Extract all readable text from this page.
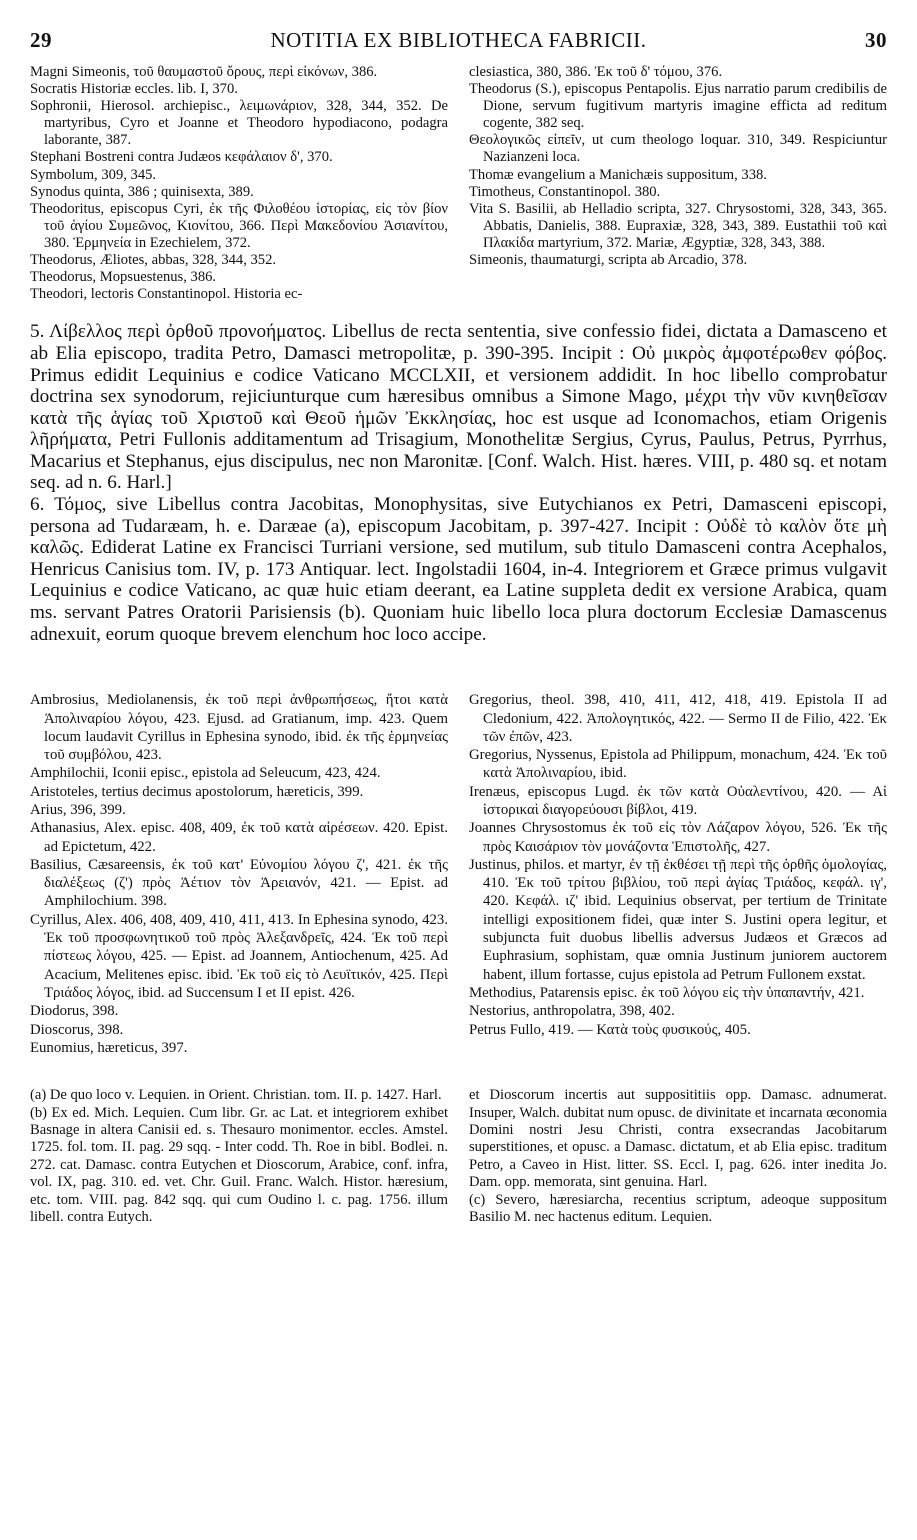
29	NOTITIA EX BIBLIOTHECA FABRICII.	30
Magni Simeonis, τοῦ θαυμαστοῦ ὄρους, περὶ εἰκόνων, 386.
Socratis Historiæ eccles. lib. I, 370.
Sophronii, Hierosol. archiepisc., λειμωνάριον, 328, 344, 352. De martyribus, Cyro et Joanne et Theodoro hypodiacono, podagra laborante, 387.
Stephani Bostreni contra Judæos κεφάλαιον δ', 370.
Symbolum, 309, 345.
Synodus quinta, 386 ; quinisexta, 389.
Theodoritus, episcopus Cyri, ἐκ τῆς Φιλοθέου ἱστορίας, εἰς τὸν βίον τοῦ ἁγίου Συμεῶνος, Κιονίτου, 366. Περὶ Μακεδονίου Ἀσιανίτου, 380. Ἑρμηνεία in Ezechielem, 372.
Theodorus, Æliotes, abbas, 328, 344, 352.
Theodorus, Mopsuestenus, 386.
Theodori, lectoris Constantinopol. Historia ec-
clesiastica, 380, 386. Ἐκ τοῦ δ' τόμου, 376.
Theodorus (S.), episcopus Pentapolis. Ejus narratio parum credibilis de Dione, servum fugitivum martyris imagine efficta ad reditum cogente, 382 seq.
Θεολογικῶς εἰπεῖν, ut cum theologo loquar. 310, 349. Respiciuntur Nazianzeni loca.
Thomæ evangelium a Manichæis suppositum, 338.
Timotheus, Constantinopol. 380.
Vita S. Basilii, ab Helladio scripta, 327. Chrysostomi, 328, 343, 365. Abbatis, Danielis, 388. Eupraxiæ, 328, 343, 389. Eustathii τοῦ καὶ Πλακίδα martyrium, 372. Mariæ, Ægyptiæ, 328, 343, 388.
Simeonis, thaumaturgi, scripta ab Arcadio, 378.

5. Λίβελλος περὶ ὀρθοῦ προνοήματος. Libellus de recta sententia, sive confessio fidei, dictata a Damasceno et ab Elia episcopo, tradita Petro, Damasci metropolitæ, p. 390-395. Incipit : Οὐ μικρὸς ἀμφοτέρωθεν φόβος. Primus edidit Lequinius e codice Vaticano MCCLXII, et versionem addidit. In hoc libello comprobatur doctrina sex synodorum, rejiciunturque cum hæresibus omnibus a Simone Mago, μέχρι τὴν νῦν κινηθεῖσαν κατὰ τῆς ἁγίας τοῦ Χριστοῦ καὶ Θεοῦ ἡμῶν Ἐκκλησίας, hoc est usque ad Iconomachos, etiam Origenis λῆρήματα, Petri Fullonis additamentum ad Trisagium, Monothelitæ Sergius, Cyrus, Paulus, Petrus, Pyrrhus, Macarius et Stephanus, ejus discipulus, nec non Maronitæ. [Conf. Walch. Hist. hæres. VIII, p. 480 sq. et notam seq. ad n. 6. Harl.]

6. Τόμος, sive Libellus contra Jacobitas, Monophysitas, sive Eutychianos ex Petri, Damasceni episcopi, persona ad Tudaræam, h. e. Daræae (a), episcopum Jacobitam, p. 397-427. Incipit : Οὐδὲ τὸ καλὸν ὅτε μὴ καλῶς. Ediderat Latine ex Francisci Turriani versione, sed mutilum, sub titulo Damasceni contra Acephalos, Henricus Canisius tom. IV, p. 173 Antiquar. lect. Ingolstadii 1604, in-4. Integriorem et Græce primus vulgavit Lequinius e codice Vaticano, ac quæ huic etiam deerant, ea Latine suppleta dedit ex versione Arabica, quam ms. servant Patres Oratorii Parisiensis (b). Quoniam huic libello loca plura doctorum Ecclesiæ Damascenus adnexuit, eorum quoque brevem elenchum hoc loco accipe.

Ambrosius, Mediolanensis, ἐκ τοῦ περὶ ἀνθρωπήσεως, ἤτοι κατὰ Ἀπολιναρίου λόγου, 423. Ejusd. ad Gratianum, imp. 423. Quem locum laudavit Cyrillus in Ephesina synodo, ibid. ἐκ τῆς ἑρμηνείας τοῦ συμβόλου, 423.
Amphilochii, Iconii episc., epistola ad Seleucum, 423, 424.
Aristoteles, tertius decimus apostolorum, hæreticis, 399.
Arius, 396, 399.
Athanasius, Alex. episc. 408, 409, ἐκ τοῦ κατὰ αἱρέσεων. 420. Epist. ad Epictetum, 422.
Basilius, Cæsareensis, ἐκ τοῦ κατ' Εὐνομίου λόγου ζ', 421. ἐκ τῆς διαλέξεως (ζ') πρὸς Ἀέτιον τὸν Ἀρειανόν, 421. — Epist. ad Amphilochium. 398.
Cyrillus, Alex. 406, 408, 409, 410, 411, 413. In Ephesina synodo, 423. Ἐκ τοῦ προσφωνητικοῦ τοῦ πρὸς Ἀλεξανδρεῖς, 424. Ἐκ τοῦ περὶ πίστεως λόγου, 425. — Epist. ad Joannem, Antiochenum, 425. Ad Acacium, Melitenes episc. ibid. Ἐκ τοῦ εἰς τὸ Λευϊτικόν, 425. Περὶ Τριάδος λόγος, ibid. ad Succensum I et II epist. 426.
Diodorus, 398.
Dioscorus, 398.
Eunomius, hæreticus, 397.
Gregorius, theol. 398, 410, 411, 412, 418, 419. Epistola II ad Cledonium, 422. Ἀπολογητικός, 422. — Sermo II de Filio, 422. Ἐκ τῶν ἐπῶν, 423.
Gregorius, Nyssenus, Epistola ad Philippum, monachum, 424. Ἐκ τοῦ κατὰ Ἀπολιναρίου, ibid.
Irenæus, episcopus Lugd. ἐκ τῶν κατὰ Οὐαλεντίνου, 420. — Αἱ ἱστορικαὶ διαγορεύουσι βίβλοι, 419.
Joannes Chrysostomus ἐκ τοῦ εἰς τὸν Λάζαρον λόγου, 526. Ἐκ τῆς πρὸς Καισάριον τὸν μονάζοντα Ἐπιστολῆς, 427.
Justinus, philos. et martyr, ἐν τῇ ἐκθέσει τῇ περὶ τῆς ὀρθῆς ὁμολογίας, 410. Ἐκ τοῦ τρίτου βιβλίου, τοῦ περὶ ἁγίας Τριάδος, κεφάλ. ιγ', 420. Κεφάλ. ιζ' ibid. Lequinius observat, per tertium de Trinitate intelligi expositionem fidei, quæ inter S. Justini opera legitur, et subjuncta fuit duobus libellis adversus Judæos et Græcos ad Euphrasium, sophistam, quæ omnia Justinum juniorem auctorem habent, illum fortasse, cujus epistola ad Petrum Fullonem exstat.
Methodius, Patarensis episc. ἐκ τοῦ λόγου εἰς τὴν ὑπαπαντήν, 421.
Nestorius, anthropolatra, 398, 402.
Petrus Fullo, 419. — Κατὰ τοὺς φυσικούς, 405.
(a) De quo loco v. Lequien. in Orient. Christian. tom. II. p. 1427. Harl.
(b) Ex ed. Mich. Lequien. Cum libr. Gr. ac Lat. et integriorem exhibet Basnage in altera Canisii ed. s. Thesauro monimentor. eccles. Amstel. 1725. fol. tom. II. pag. 29 sqq. - Inter codd. Th. Roe in bibl. Bodlei. n. 272. cat. Damasc. contra Eutychen et Dioscorum, Arabice, conf. infra, vol. IX, pag. 310. ed. vet. Chr. Guil. Franc. Walch. Histor. hæresium, etc. tom. VIII. pag. 842 sqq. qui cum Oudino l. c. pag. 1756. illum libell. contra Eutych.
et Dioscorum incertis aut supposititiis opp. Damasc. adnumerat. Insuper, Walch. dubitat num opusc. de divinitate et incarnata œconomia Domini nostri Jesu Christi, contra exsecrandas Jacobitarum superstitiones, et opusc. a Damasc. dictatum, et ab Elia episc. traditum Petro, a Caveo in Hist. litter. SS. Eccl. I, pag. 626. inter inedita Jo. Dam. opp. memorata, sint genuina. Harl.
(c) Severo, hæresiarcha, recentius scriptum, adeoque suppositum Basilio M. nec hactenus editum. Lequien.
